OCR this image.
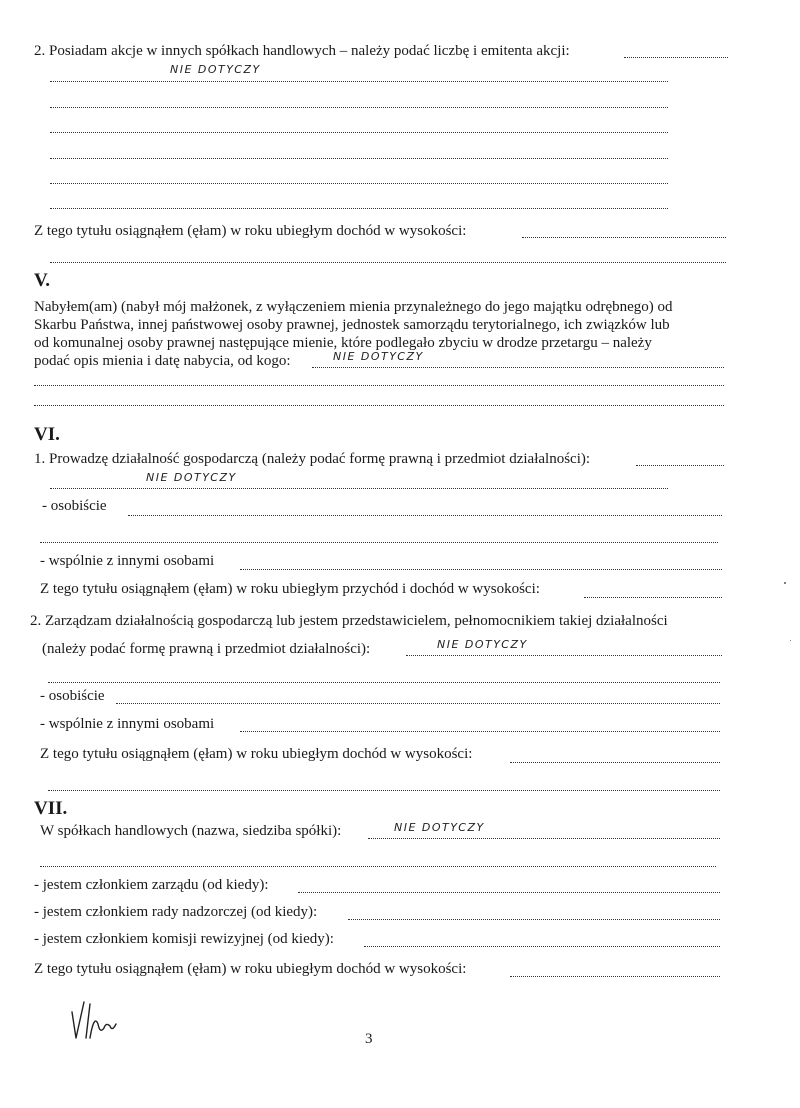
2. Posiadam akcje w innych spółkach handlowych – należy podać liczbę i emitenta akcji:
NIE DOTYCZY
Z tego tytułu osiągnąłem (ęłam) w roku ubiegłym dochód w wysokości:
V.
Nabyłem(am) (nabył mój małżonek, z wyłączeniem mienia przynależnego do jego majątku odrębnego) od
Skarbu Państwa, innej państwowej osoby prawnej, jednostek samorządu terytorialnego, ich związków lub
od komunalnej osoby prawnej następujące mienie, które podlegało zbyciu w drodze przetargu – należy
podać opis mienia i datę nabycia, od kogo:	NIE DOTYCZY
VI.
1. Prowadzę działalność gospodarczą (należy podać formę prawną i przedmiot działalności):
NIE DOTYCZY
- osobiście
- wspólnie z innymi osobami
Z tego tytułu osiągnąłem (ęłam) w roku ubiegłym przychód i dochód w wysokości:
2. Zarządzam działalnością gospodarczą lub jestem przedstawicielem, pełnomocnikiem takiej działalności
(należy podać formę prawną i przedmiot działalności):	NIE DOTYCZY
- osobiście
- wspólnie z innymi osobami
Z tego tytułu osiągnąłem (ęłam) w roku ubiegłym dochód w wysokości:
VII.
W spółkach handlowych (nazwa, siedziba spółki):	NIE DOTYCZY
- jestem członkiem zarządu (od kiedy):
- jestem członkiem rady nadzorczej (od kiedy):
- jestem członkiem komisji rewizyjnej (od kiedy):
Z tego tytułu osiągnąłem (ęłam) w roku ubiegłym dochód w wysokości:
3
